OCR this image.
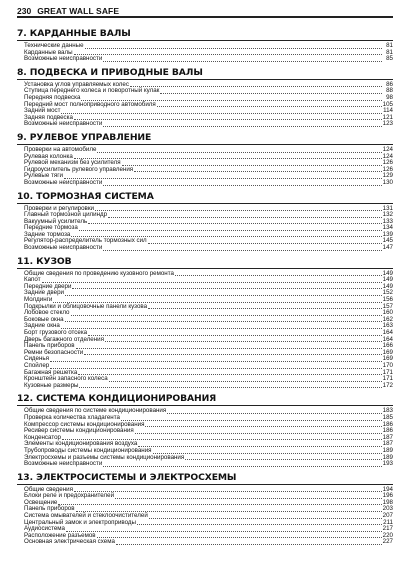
230 GREAT WALL SAFE
7. КАРДАННЫЕ ВАЛЫ
Технические данные	81
Карданные валы	81
Возможные неисправности	85
8. ПОДВЕСКА И ПРИВОДНЫЕ ВАЛЫ
Установка углов управляемых колес	86
Ступица переднего колеса и поворотный кулак	88
Передняя подвеска	98
Передний мост полноприводного автомобиля	105
Задний мост	114
Задняя подвеска	121
Возможные неисправности	123
9. РУЛЕВОЕ УПРАВЛЕНИЕ
Проверки на автомобиле	124
Рулевая колонка	124
Рулевой механизм без усилителя	126
Гидроусилитель рулевого управления	126
Рулевые тяги	129
Возможные неисправности	130
10. ТОРМОЗНАЯ СИСТЕМА
Проверки и регулировки	131
Главный тормозной цилиндр	132
Вакуумный усилитель	133
Передние тормоза	134
Задние тормоза	139
Регулятор-распределитель тормозных сил	145
Возможные неисправности	147
11. КУЗОВ
Общие сведения по проведению кузовного ремонта	149
Капот	149
Передние двери	149
Задние двери	152
Молдинги	156
Подкрылки и облицовочные панели кузова	157
Лобовое стекло	160
Боковые окна	162
Задние окна	163
Борт грузового отсека	164
Дверь багажного отделения	164
Панель приборов	166
Ремни безопасности	169
Сиденья	169
Спойлер	170
Багажная решетка	171
Кронштейн запасного колеса	171
Кузовные размеры	172
12. СИСТЕМА КОНДИЦИОНИРОВАНИЯ
Общие сведения по системе кондиционирования	183
Проверка количества хладагента	185
Компрессор системы кондиционирования	186
Ресивер системы кондиционирования	186
Конденсатор	187
Элементы кондиционирования воздуха	187
Трубопроводы системы кондиционирования	189
Электросхемы и разъемы системы кондиционирования	189
Возможные неисправности	193
13. ЭЛЕКТРОСИСТЕМЫ И ЭЛЕКТРОСХЕМЫ
Общие сведения	194
Блоки реле и предохранителей	196
Освещение	198
Панель приборов	203
Система омывателей и стеклоочистителей	207
Центральный замок и электроприводы	211
Аудиосистема	217
Расположение разъемов	220
Основная электрическая схема	227
